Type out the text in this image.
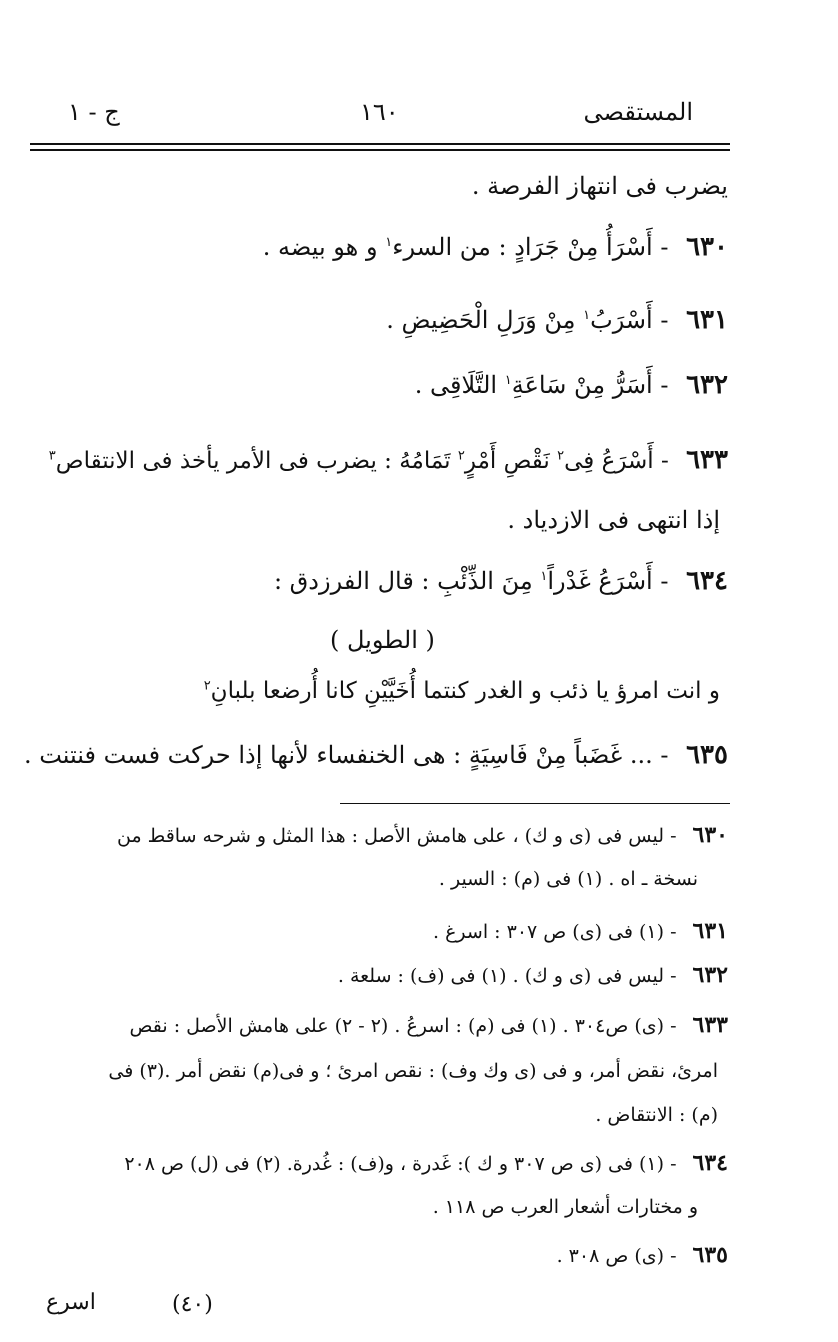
المستقصى
١٦٠
ج - ١
يضرب فى انتهاز الفرصة .
٦٣٠ - أَسْرَأُ مِنْ جَرَادٍ : من السرء$^١$ و هو بيضه .
٦٣١ - أَسْرَبُ$^١$ مِنْ وَرَلِ الْحَضِيضِ .
٦٣٢ - أَسَرُّ مِنْ سَاعَةِ$^١$ التَّلَاقِى .
٦٣٣ - أَسْرَعُ فِى$^٢$ نَقْصِ أَمْرٍ$^٢$ تَمَامُهُ : يضرب فى الأمر يأخذ فى الانتقاص$^٣$
إذا انتهى فى الازدياد .
٦٣٤ - أَسْرَعُ غَدْراً$^١$ مِنَ الذِّئْبِ : قال الفرزدق :
( الطويل )
و انت امرؤ يا ذئب و الغدر كنتما أُخَيَّيْنِ كانا أُرضعا بلبانِ$^٢$
٦٣٥ - ... غَضَباً مِنْ فَاسِيَةٍ : هى الخنفساء لأنها إذا حركت فست فنتنت .
٦٣٠ - ليس فى (ى و ك) ، على هامش الأصل : هذا المثل و شرحه ساقط من
نسخة ـ اه . (١) فى (م) : السير .
٦٣١ - (١) فى (ى) ص ٣٠٧ : اسرغ .
٦٣٢ - ليس فى (ى و ك) . (١) فى (ف) : سلعة .
٦٣٣ - (ى) ص٣٠٤ . (١) فى (م) : اسرعُ . (٢ - ٢) على هامش الأصل : نقص
امرئ، نقض أمر، و فى (ى وك وف) : نقص امرئ ؛ و فى(م) نقض أمر .(٣) فى
(م) : الانتقاض .
٦٣٤ - (١) فى (ى ص ٣٠٧ و ك ): غَدرة ، و(ف) : غُدرة. (٢) فى (ل) ص ٢٠٨
و مختارات أشعار العرب ص ١١٨ .
٦٣٥ - (ى) ص ٣٠٨ .
(٤٠)
اسرع
